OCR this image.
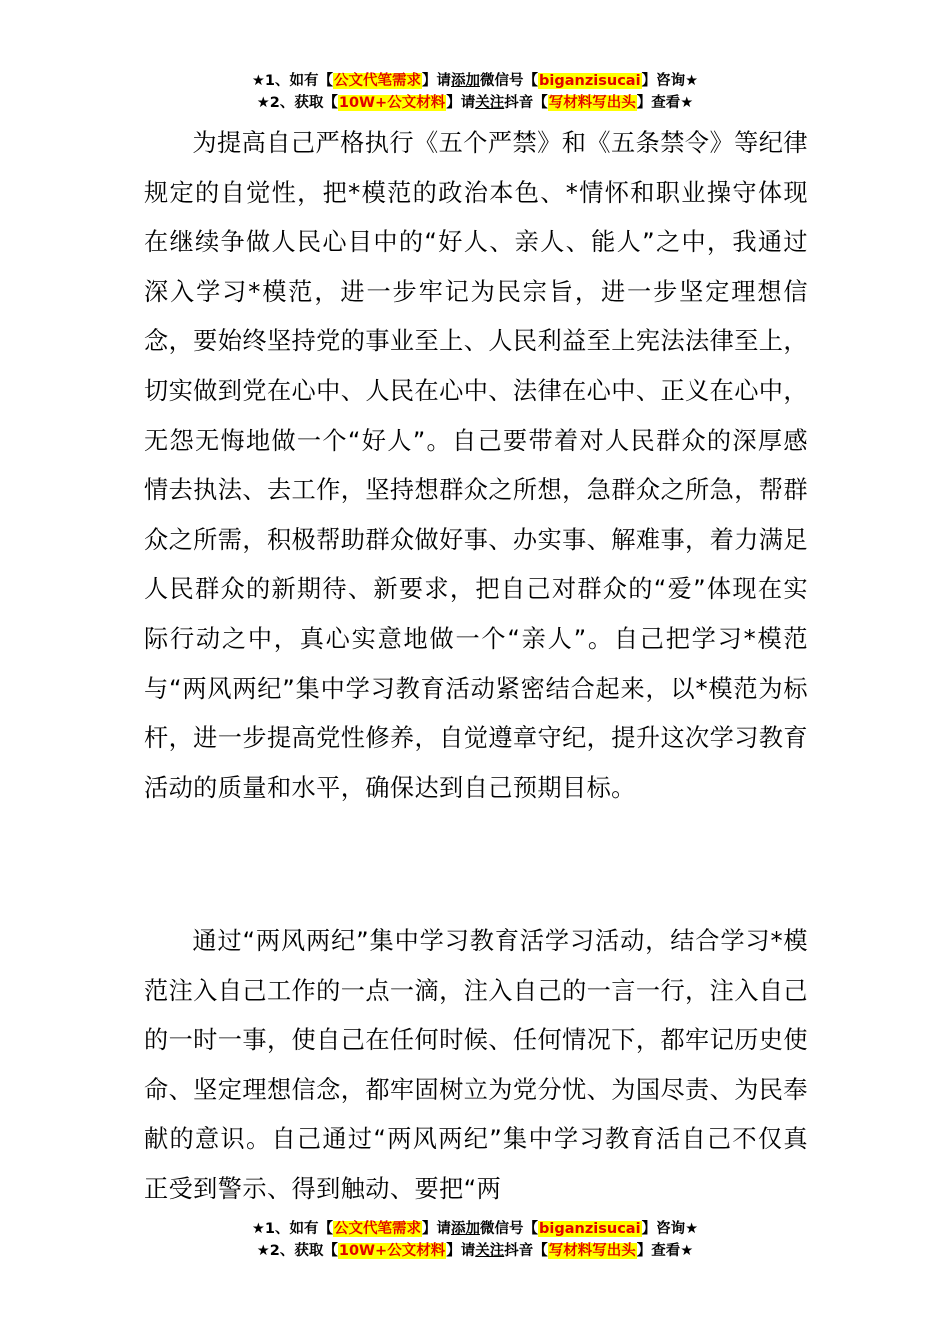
★1、如有【公文代笔需求】请添加微信号【biganzisucai】咨询★
★2、获取【10W+公文材料】请关注抖音【写材料写出头】查看★

为提高自己严格执行《五个严禁》和《五条禁令》等纪律规定的自觉性，把*模范的政治本色、*情怀和职业操守体现在继续争做人民心目中的“好人、亲人、能人”之中，我通过深入学习*模范，进一步牢记为民宗旨，进一步坚定理想信念，要始终坚持党的事业至上、人民利益至上宪法法律至上，切实做到党在心中、人民在心中、法律在心中、正义在心中，无怨无悔地做一个“好人”。自己要带着对人民群众的深厚感情去执法、去工作，坚持想群众之所想，急群众之所急，帮群众之所需，积极帮助群众做好事、办实事、解难事，着力满足人民群众的新期待、新要求，把自己对群众的“爱”体现在实际行动之中，真心实意地做一个“亲人”。自己把学习*模范与“两风两纪”集中学习教育活动紧密结合起来，以*模范为标杆，进一步提高党性修养，自觉遵章守纪，提升这次学习教育活动的质量和水平，确保达到自己预期目标。

通过“两风两纪”集中学习教育活学习活动，结合学习*模范注入自己工作的一点一滴，注入自己的一言一行，注入自己的一时一事，使自己在任何时候、任何情况下，都牢记历史使命、坚定理想信念，都牢固树立为党分忧、为国尽责、为民奉献的意识。自己通过“两风两纪”集中学习教育活自己不仅真正受到警示、得到触动、要把“两

★1、如有【公文代笔需求】请添加微信号【biganzisucai】咨询★
★2、获取【10W+公文材料】请关注抖音【写材料写出头】查看★
